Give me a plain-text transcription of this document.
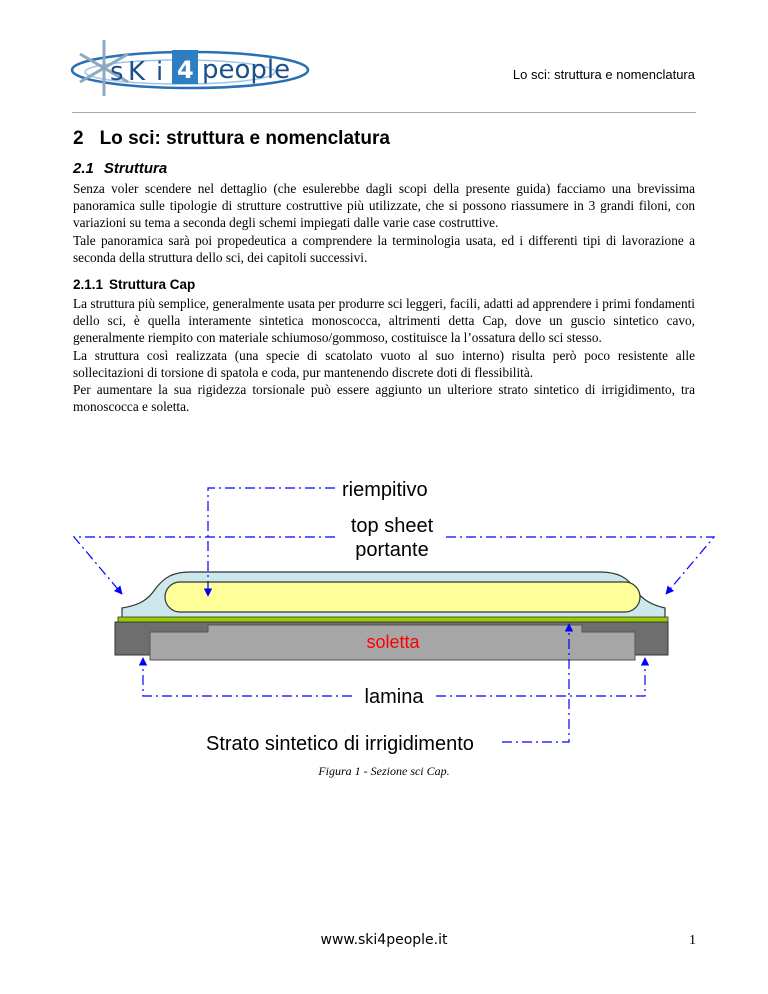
s K i 4 people	Lo sci: struttura e nomenclatura
2 Lo sci: struttura e nomenclatura
2.1 Struttura

Senza voler scendere nel dettaglio (che esulerebbe dagli scopi della presente guida) facciamo una brevissima panoramica sulle tipologie di strutture costruttive più utilizzate, che si possono riassumere in 3 grandi filoni, con variazioni su tema a seconda degli schemi impiegati dalle varie case costruttive.

Tale panoramica sarà poi propedeutica a comprendere la terminologia usata, ed i differenti tipi di lavorazione a seconda della struttura dello sci, dei capitoli successivi.

2.1.1 Struttura Cap

La struttura più semplice, generalmente usata per produrre sci leggeri, facili, adatti ad apprendere i primi fondamenti dello sci, è quella interamente sintetica monoscocca, altrimenti detta Cap, dove un guscio sintetico cavo, generalmente riempito con materiale schiumoso/gommoso, costituisce la l’ossatura dello sci stesso.

La struttura così realizzata (una specie di scatolato vuoto al suo interno) risulta però poco resistente alle sollecitazioni di torsione di spatola e coda, pur mantenendo discrete doti di flessibilità.

Per aumentare la sua rigidezza torsionale può essere aggiunto un ulteriore strato sintetico di irrigidimento, tra monoscocca e soletta.

riempitivo
top sheet
portante
soletta
lamina
Strato sintetico di irrigidimento
Figura 1 - Sezione sci Cap.
www.ski4people.it	1
